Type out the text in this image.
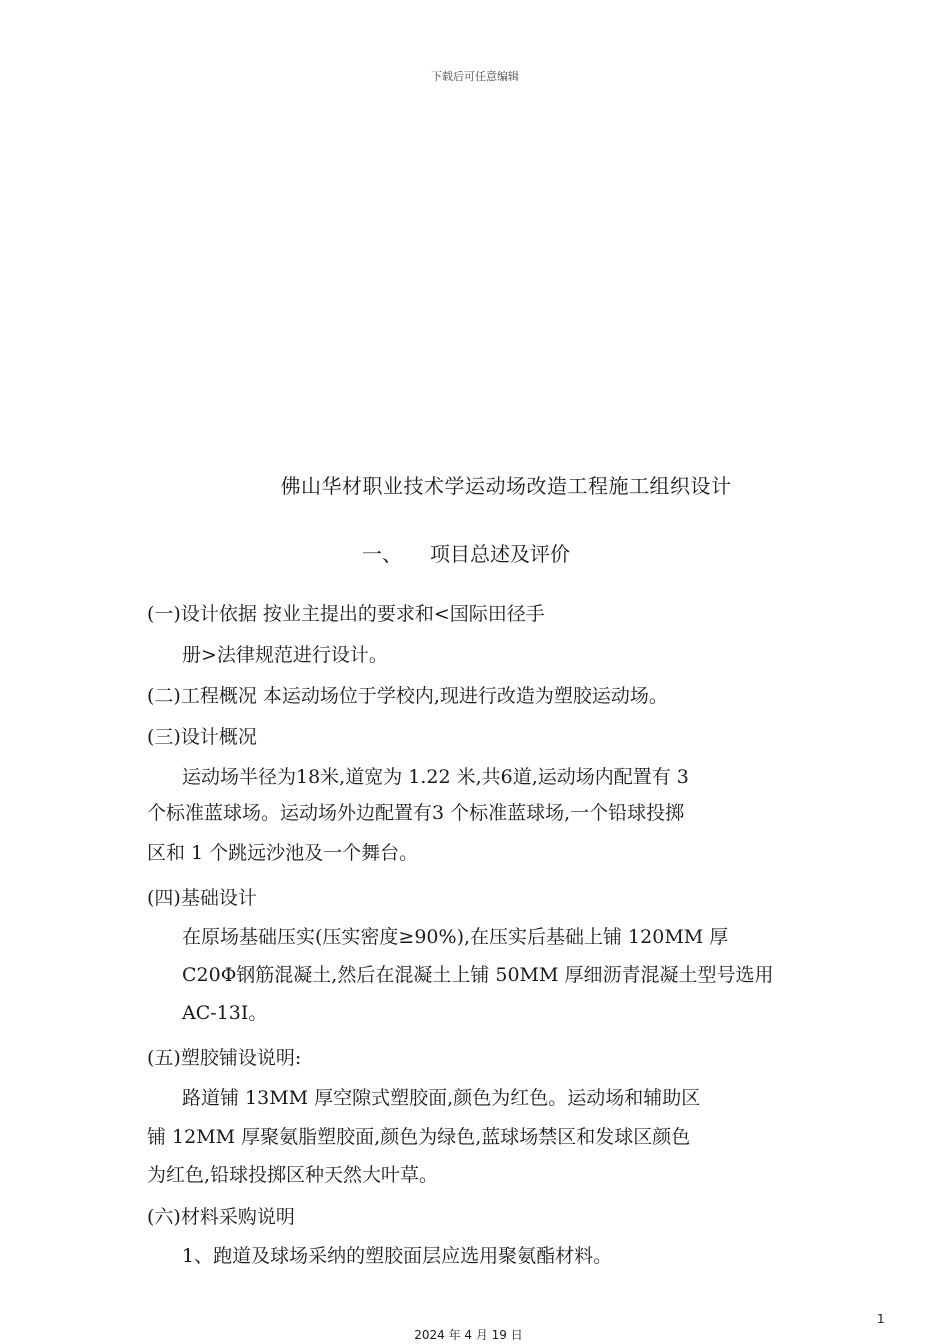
下载后可任意编辑
佛山华材职业技术学运动场改造工程施工组织设计
一、 项目总述及评价
(一)设计依据 按业主提出的要求和<国际田径手
册>法律规范进行设计。
(二)工程概况 本运动场位于学校内,现进行改造为塑胶运动场。
(三)设计概况
运动场半径为18米,道宽为 1.22 米,共6道,运动场内配置有 3
个标准蓝球场。运动场外边配置有3 个标准蓝球场,一个铅球投掷
区和 1 个跳远沙池及一个舞台。
(四)基础设计
在原场基础压实(压实密度≥90%),在压实后基础上铺 120MM 厚
C20Φ钢筋混凝土,然后在混凝土上铺 50MM 厚细沥青混凝土型号选用
AC-13I。
(五)塑胶铺设说明:
路道铺 13MM 厚空隙式塑胶面,颜色为红色。运动场和辅助区
铺 12MM 厚聚氨脂塑胶面,颜色为绿色,蓝球场禁区和发球区颜色
为红色,铅球投掷区种天然大叶草。
(六)材料采购说明
1、跑道及球场采纳的塑胶面层应选用聚氨酯材料。
1
2024 年 4 月 19 日
